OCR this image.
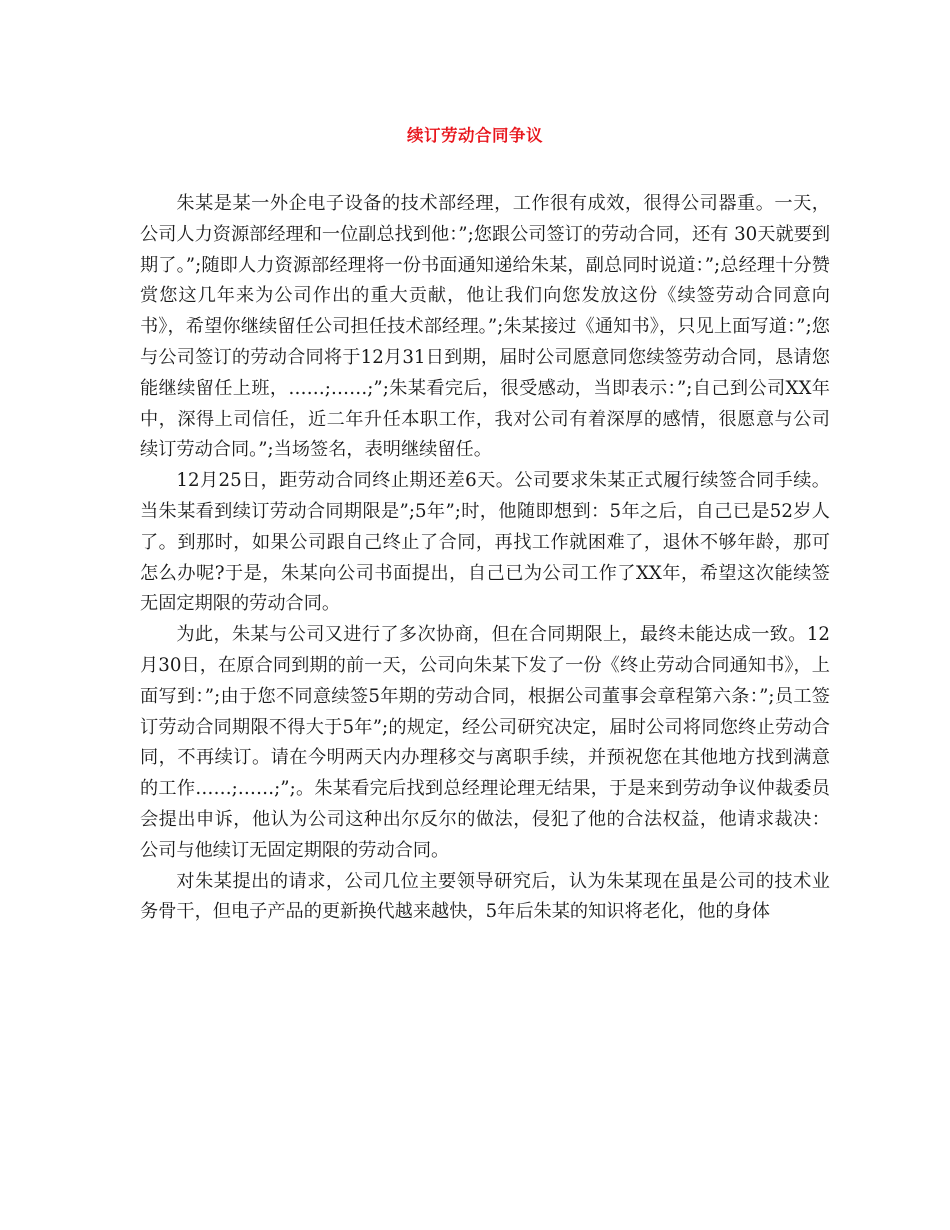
续订劳动合同争议

朱某是某一外企电子设备的技术部经理，工作很有成效，很得公司器重。一天，公司人力资源部经理和一位副总找到他：”;您跟公司签订的劳动合同，还有 30天就要到期了。”;随即人力资源部经理将一份书面通知递给朱某，副总同时说道：”;总经理十分赞赏您这几年来为公司作出的重大贡献，他让我们向您发放这份《续签劳动合同意向书》，希望你继续留任公司担任技术部经理。”;朱某接过《通知书》，只见上面写道：”;您与公司签订的劳动合同将于12月31日到期，届时公司愿意同您续签劳动合同，恳请您能继续留任上班，……;……;”;朱某看完后，很受感动，当即表示：”;自己到公司XX年中，深得上司信任，近二年升任本职工作，我对公司有着深厚的感情，很愿意与公司续订劳动合同。”;当场签名，表明继续留任。

12月25日，距劳动合同终止期还差6天。公司要求朱某正式履行续签合同手续。当朱某看到续订劳动合同期限是”;5年”;时，他随即想到：5年之后，自己已是52岁人了。到那时，如果公司跟自己终止了合同，再找工作就困难了，退休不够年龄，那可怎么办呢?于是，朱某向公司书面提出，自己已为公司工作了XX年，希望这次能续签无固定期限的劳动合同。

为此，朱某与公司又进行了多次协商，但在合同期限上，最终未能达成一致。12月30日，在原合同到期的前一天，公司向朱某下发了一份《终止劳动合同通知书》，上面写到：”;由于您不同意续签5年期的劳动合同，根据公司董事会章程第六条：”;员工签订劳动合同期限不得大于5年”;的规定，经公司研究决定，届时公司将同您终止劳动合同，不再续订。请在今明两天内办理移交与离职手续，并预祝您在其他地方找到满意的工作……;……;”;。朱某看完后找到总经理论理无结果，于是来到劳动争议仲裁委员会提出申诉，他认为公司这种出尔反尔的做法，侵犯了他的合法权益，他请求裁决：公司与他续订无固定期限的劳动合同。

对朱某提出的请求，公司几位主要领导研究后，认为朱某现在虽是公司的技术业务骨干，但电子产品的更新换代越来越快，5年后朱某的知识将老化，他的身体
